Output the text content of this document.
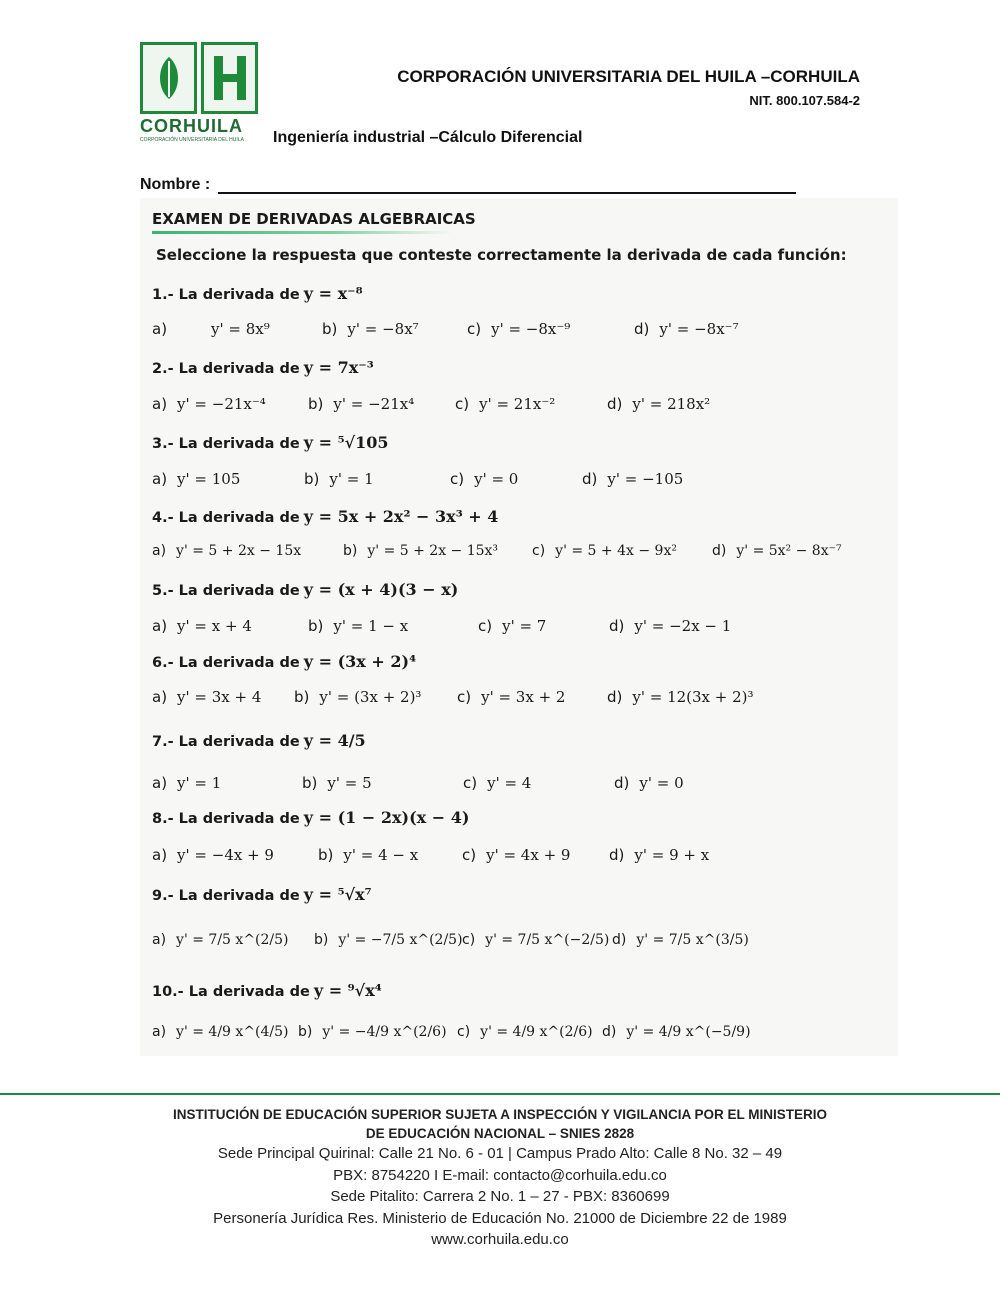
CORHUILA
CORPORACIÓN UNIVERSITARIA DEL HUILA
CORPORACIÓN UNIVERSITARIA DEL HUILA –CORHUILA
NIT. 800.107.584-2
Ingeniería industrial –Cálculo Diferencial
Nombre :
EXAMEN DE DERIVADAS ALGEBRAICAS
Seleccione la respuesta que conteste correctamente la derivada de cada función:
1.- La derivada de y = x⁻⁸
a)	y' = 8x⁹	b) y' = −8x⁷	c) y' = −8x⁻⁹	d) y' = −8x⁻⁷
2.- La derivada de y = 7x⁻³
a) y' = −21x⁻⁴	b) y' = −21x⁴	c) y' = 21x⁻²	d) y' = 218x²
3.- La derivada de y = ⁵√105
a) y' = 105	b) y' = 1	c) y' = 0	d) y' = −105
4.- La derivada de y = 5x + 2x² − 3x³ + 4
a) y' = 5 + 2x − 15x	b) y' = 5 + 2x − 15x³ c) y' = 5 + 4x − 9x²	d) y' = 5x² − 8x⁻⁷
5.- La derivada de y = (x + 4)(3 − x)
a) y' = x + 4	b) y' = 1 − x	c) y' = 7	d) y' = −2x − 1
6.- La derivada de y = (3x + 2)⁴
a) y' = 3x + 4 b) y' = (3x + 2)³ c) y' = 3x + 2	d) y' = 12(3x + 2)³
7.- La derivada de y = 4/5
a) y' = 1	b) y' = 5	c) y' = 4	d) y' = 0
8.- La derivada de y = (1 − 2x)(x − 4)
a) y' = −4x + 9	b) y' = 4 − x	c) y' = 4x + 9	d) y' = 9 + x
9.- La derivada de y = ⁵√x⁷
a) y' = 7/5 x^(2/5) b) y' = −7/5 x^(2/5) c) y' = 7/5 x^(−2/5) d) y' = 7/5 x^(3/5)
10.- La derivada de y = ⁹√x⁴
a) y' = 4/9 x^(4/5) b) y' = −4/9 x^(2/6) c) y' = 4/9 x^(2/6) d) y' = 4/9 x^(−5/9)
INSTITUCIÓN DE EDUCACIÓN SUPERIOR SUJETA A INSPECCIÓN Y VIGILANCIA POR EL MINISTERIO
DE EDUCACIÓN NACIONAL – SNIES 2828
Sede Principal Quirinal: Calle 21 No. 6 - 01 | Campus Prado Alto: Calle 8 No. 32 – 49
PBX: 8754220 I E-mail: contacto@corhuila.edu.co
Sede Pitalito: Carrera 2 No. 1 – 27 - PBX: 8360699
Personería Jurídica Res. Ministerio de Educación No. 21000 de Diciembre 22 de 1989
www.corhuila.edu.co
